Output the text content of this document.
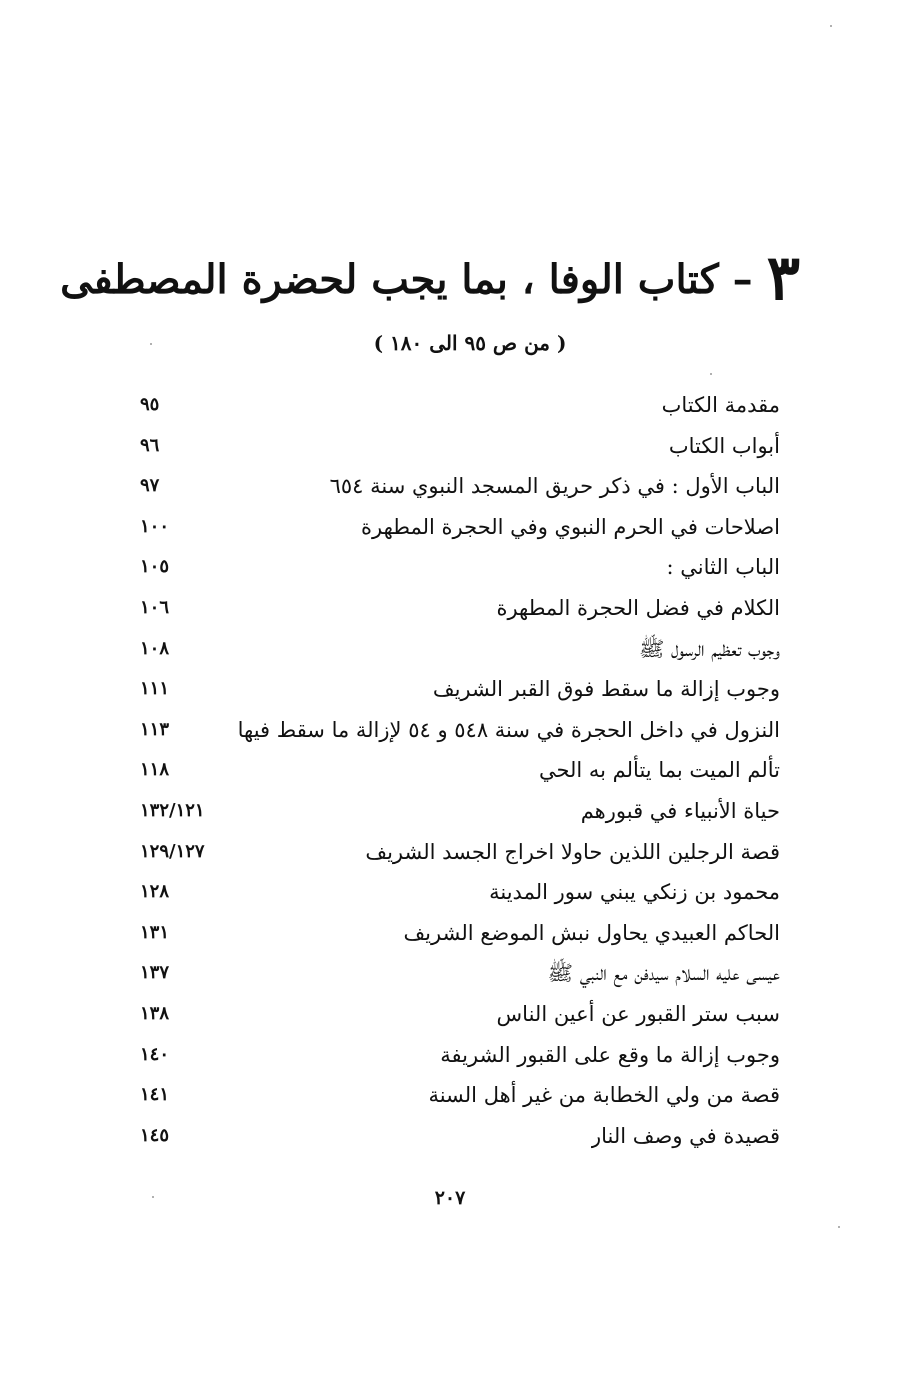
٣– كتاب الوفا ، بما يجب لحضرة المصطفى
( من ص ٩٥ الى ١٨٠ )
مقدمة الكتاب
٩٥
أبواب الكتاب
٩٦
الباب الأول : في ذكر حريق المسجد النبوي سنة ٦٥٤
٩٧
اصلاحات في الحرم النبوي وفي الحجرة المطهرة
١٠٠
الباب الثاني :
١٠٥
الكلام في فضل الحجرة المطهرة
١٠٦
وجوب تعظيم الرسول ﷺ
١٠٨
وجوب إزالة ما سقط فوق القبر الشريف
١١١
النزول في داخل الحجرة في سنة ٥٤٨ و ٥٤ لإزالة ما سقط فيها
١١٣
تألم الميت بما يتألم به الحي
١١٨
حياة الأنبياء في قبورهم
١٣٢/١٢١
قصة الرجلين اللذين حاولا اخراج الجسد الشريف
١٢٩/١٢٧
محمود بن زنكي يبني سور المدينة
١٢٨
الحاكم العبيدي يحاول نبش الموضع الشريف
١٣١
عيسى عليه السلام سيدفن مع النبي ﷺ
١٣٧
سبب ستر القبور عن أعين الناس
١٣٨
وجوب إزالة ما وقع على القبور الشريفة
١٤٠
قصة من ولي الخطابة من غير أهل السنة
١٤١
قصيدة في وصف النار
١٤٥
٢٠٧
